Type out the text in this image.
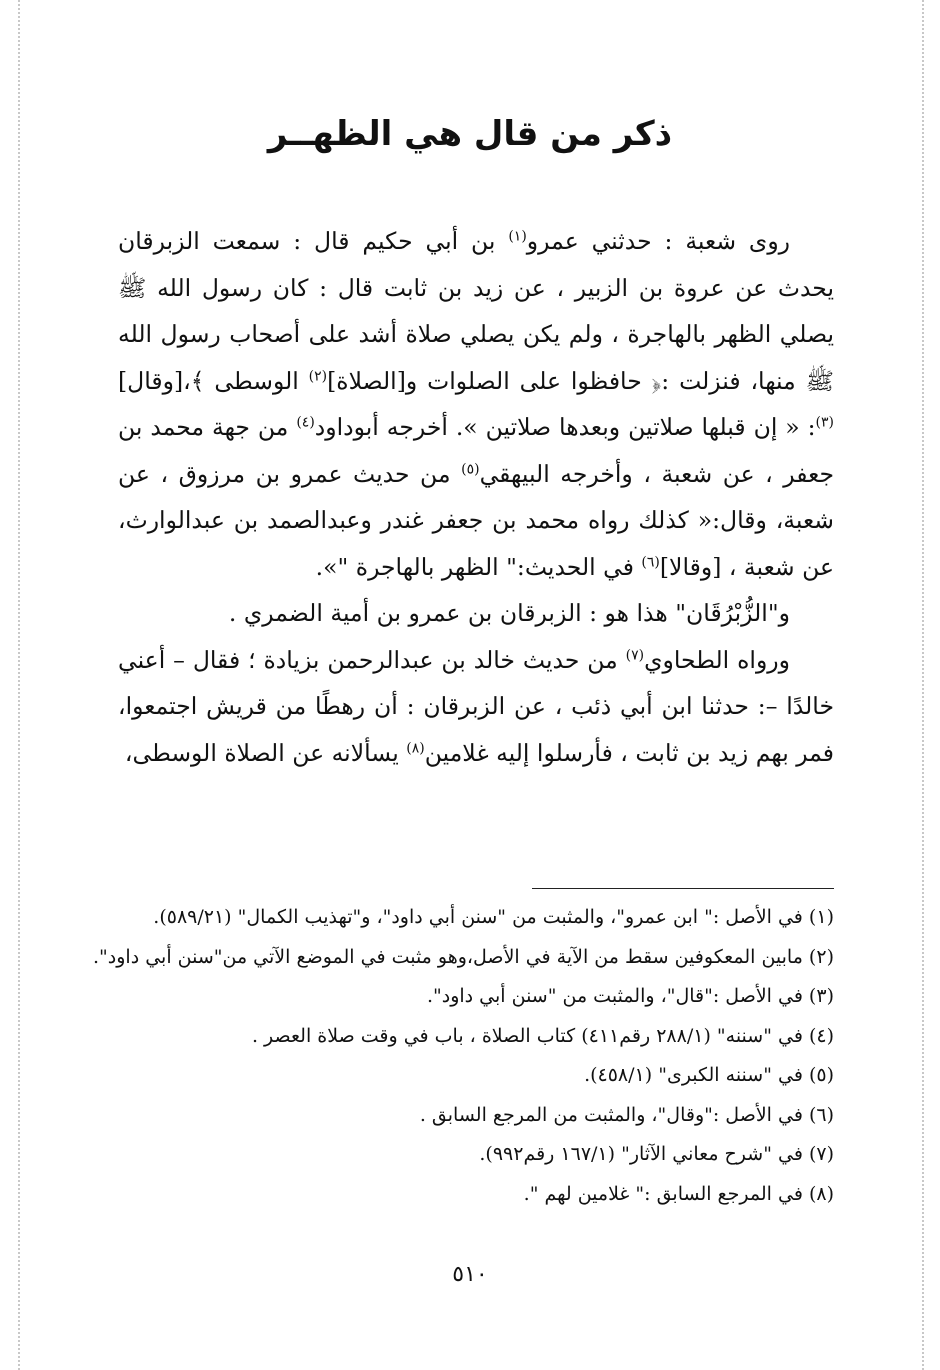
ذكر من قال هي الظهــر

روى شعبة : حدثني عمرو$^{(١)}$ بن أبي حكيم قال : سمعت الزبرقان يحدث عن عروة بن الزبير ، عن زيد بن ثابت قال : كان رسول الله ﷺ يصلي الظهر بالهاجرة ، ولم يكن يصلي صلاة أشد على أصحاب رسول الله ﷺ منها، فنزلت :﴿ حافظوا على الصلوات و[الصلاة]$^{(٢)}$ الوسطى ﴾،[وقال]$^{(٣)}$: « إن قبلها صلاتين وبعدها صلاتين ». أخرجه أبوداود$^{(٤)}$ من جهة محمد بن جعفر ، عن شعبة ، وأخرجه البيهقي$^{(٥)}$ من حديث عمرو بن مرزوق ، عن شعبة، وقال:« كذلك رواه محمد بن جعفر غندر وعبدالصمد بن عبدالوارث، عن شعبة ، [وقالا]$^{(٦)}$ في الحديث:" الظهر بالهاجرة "».

و"الزُّبْرُقَان" هذا هو : الزبرقان بن عمرو بن أمية الضمري .

ورواه الطحاوي$^{(٧)}$ من حديث خالد بن عبدالرحمن بزيادة ؛ فقال – أعني خالدًا –: حدثنا ابن أبي ذئب ، عن الزبرقان : أن رهطًا من قريش اجتمعوا، فمر بهم زيد بن ثابت ، فأرسلوا إليه غلامين$^{(٨)}$ يسألانه عن الصلاة الوسطى،

(١) في الأصل :" ابن عمرو"، والمثبت من "سنن أبي داود"، و"تهذيب الكمال" (٥٨٩/٢١).
(٢) مابين المعكوفين سقط من الآية في الأصل،وهو مثبت في الموضع الآتي من"سنن أبي داود".
(٣) في الأصل :"قال"، والمثبت من "سنن أبي داود".
(٤) في "سننه" (٢٨٨/١ رقم٤١١) كتاب الصلاة ، باب في وقت صلاة العصر .
(٥) في "سننه الكبرى" (٤٥٨/١).
(٦) في الأصل :"وقال"، والمثبت من المرجع السابق .
(٧) في "شرح معاني الآثار" (١٦٧/١ رقم٩٩٢).
(٨) في المرجع السابق :" غلامين لهم ".
٥١٠
